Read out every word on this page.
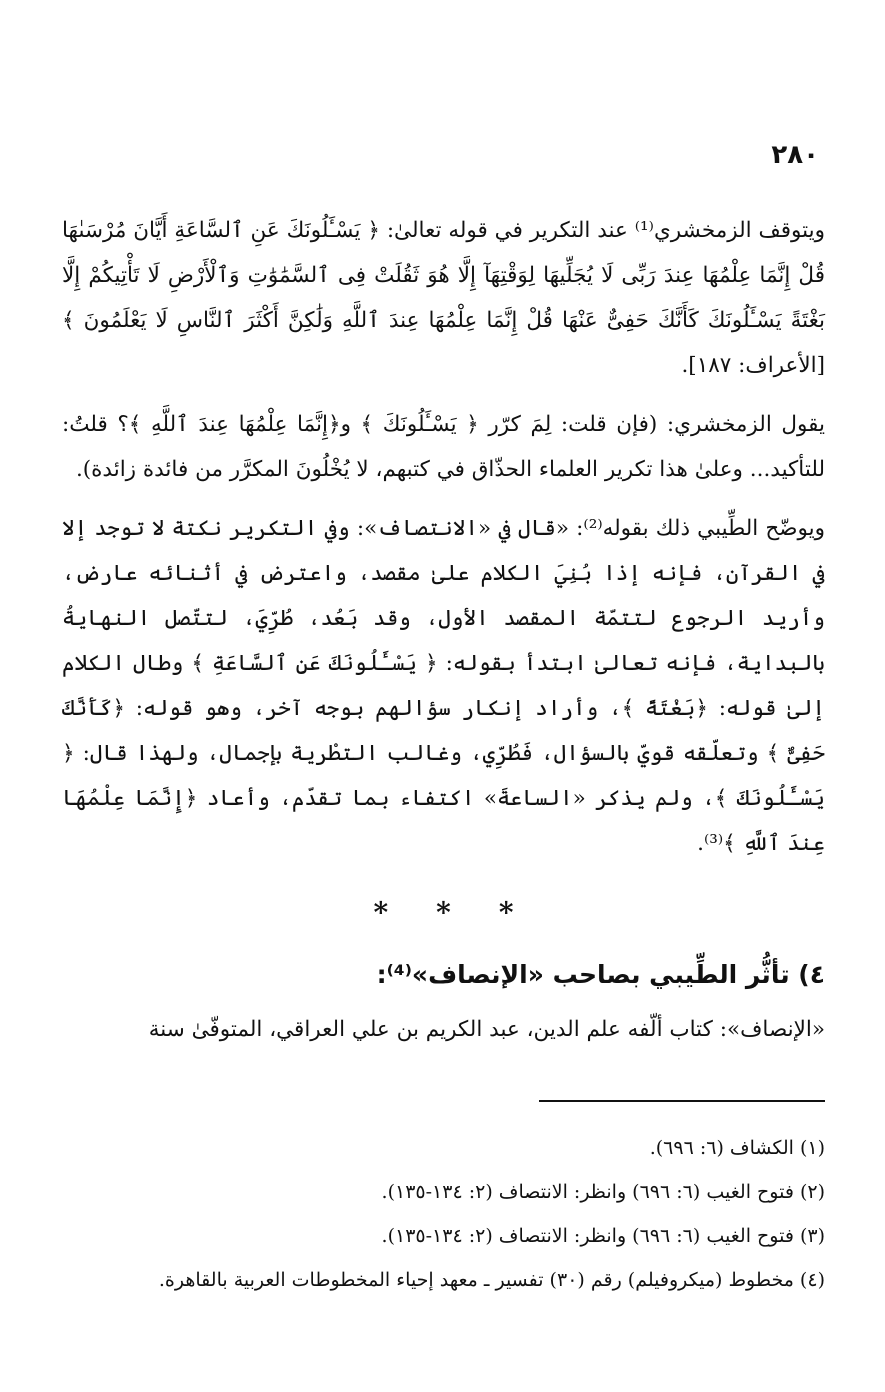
٢٨٠

ويتوقف الزمخشري⁽¹⁾ عند التكرير في قوله تعالىٰ: ﴿ يَسْـَٔلُونَكَ عَنِ ٱلسَّاعَةِ أَيَّانَ مُرْسَىٰهَا قُلْ إِنَّمَا عِلْمُهَا عِندَ رَبِّى لَا يُجَلِّيهَا لِوَقْتِهَآ إِلَّا هُوَ ثَقُلَتْ فِى ٱلسَّمَٰوَٰتِ وَٱلْأَرْضِ لَا تَأْتِيكُمْ إِلَّا بَغْتَةً يَسْـَٔلُونَكَ كَأَنَّكَ حَفِىٌّ عَنْهَا قُلْ إِنَّمَا عِلْمُهَا عِندَ ٱللَّهِ وَلَٰكِنَّ أَكْثَرَ ٱلنَّاسِ لَا يَعْلَمُونَ ﴾ [الأعراف: ١٨٧].

يقول الزمخشري: (فإن قلت: لِمَ كرّر ﴿ يَسْـَٔلُونَكَ ﴾ و﴿إِنَّمَا عِلْمُهَا عِندَ ٱللَّهِ ﴾؟ قلتُ: للتأكيد... وعلىٰ هذا تكرير العلماء الحذّاق في كتبهم، لا يُخْلُونَ المكرَّر من فائدة زائدة).

ويوضّح الطِّيبي ذلك بقوله⁽²⁾: «قال في «الانتصاف»: وفي التكرير نكتة لا توجد إلا في القرآن، فإنه إذا بُنِيَ الكلام علىٰ مقصد، واعترض في أثنائه عارض، وأريد الرجوع لتتمّة المقصد الأول، وقد بَعُد، طُرِّيَ، لتتّصل النهايةُ بالبداية، فإنه تعالىٰ ابتدأ بقوله: ﴿ يَسْـَٔلُونَكَ عَنِ ٱلسَّاعَةِ ﴾ وطال الكلام إلىٰ قوله: ﴿بَغْتَةً ﴾، وأراد إنكار سؤالهم بوجه آخر، وهو قوله: ﴿كَأَنَّكَ حَفِىٌّ ﴾ وتعلّقه قويّ بالسؤال، فَطُرِّي، وغالب التطْرية بإجمال، ولهذا قال: ﴿ يَسْـَٔلُونَكَ ﴾، ولم يذكر «الساعةَ» اكتفاء بما تقدّم، وأعاد ﴿إِنَّمَا عِلْمُهَا عِندَ ٱللَّهِ ﴾⁽³⁾.

* * *
٤) تأثُّر الطِّيبي بصاحب «الإنصاف»⁽⁴⁾:

«الإنصاف»: كتاب ألّفه علم الدين، عبد الكريم بن علي العراقي، المتوفّىٰ سنة

(١) الكشاف (٦: ٦٩٦).
(٢) فتوح الغيب (٦: ٦٩٦) وانظر: الانتصاف (٢: ١٣٤-١٣٥).
(٣) فتوح الغيب (٦: ٦٩٦) وانظر: الانتصاف (٢: ١٣٤-١٣٥).
(٤) مخطوط (ميكروفيلم) رقم (٣٠) تفسير ـ معهد إحياء المخطوطات العربية بالقاهرة.
